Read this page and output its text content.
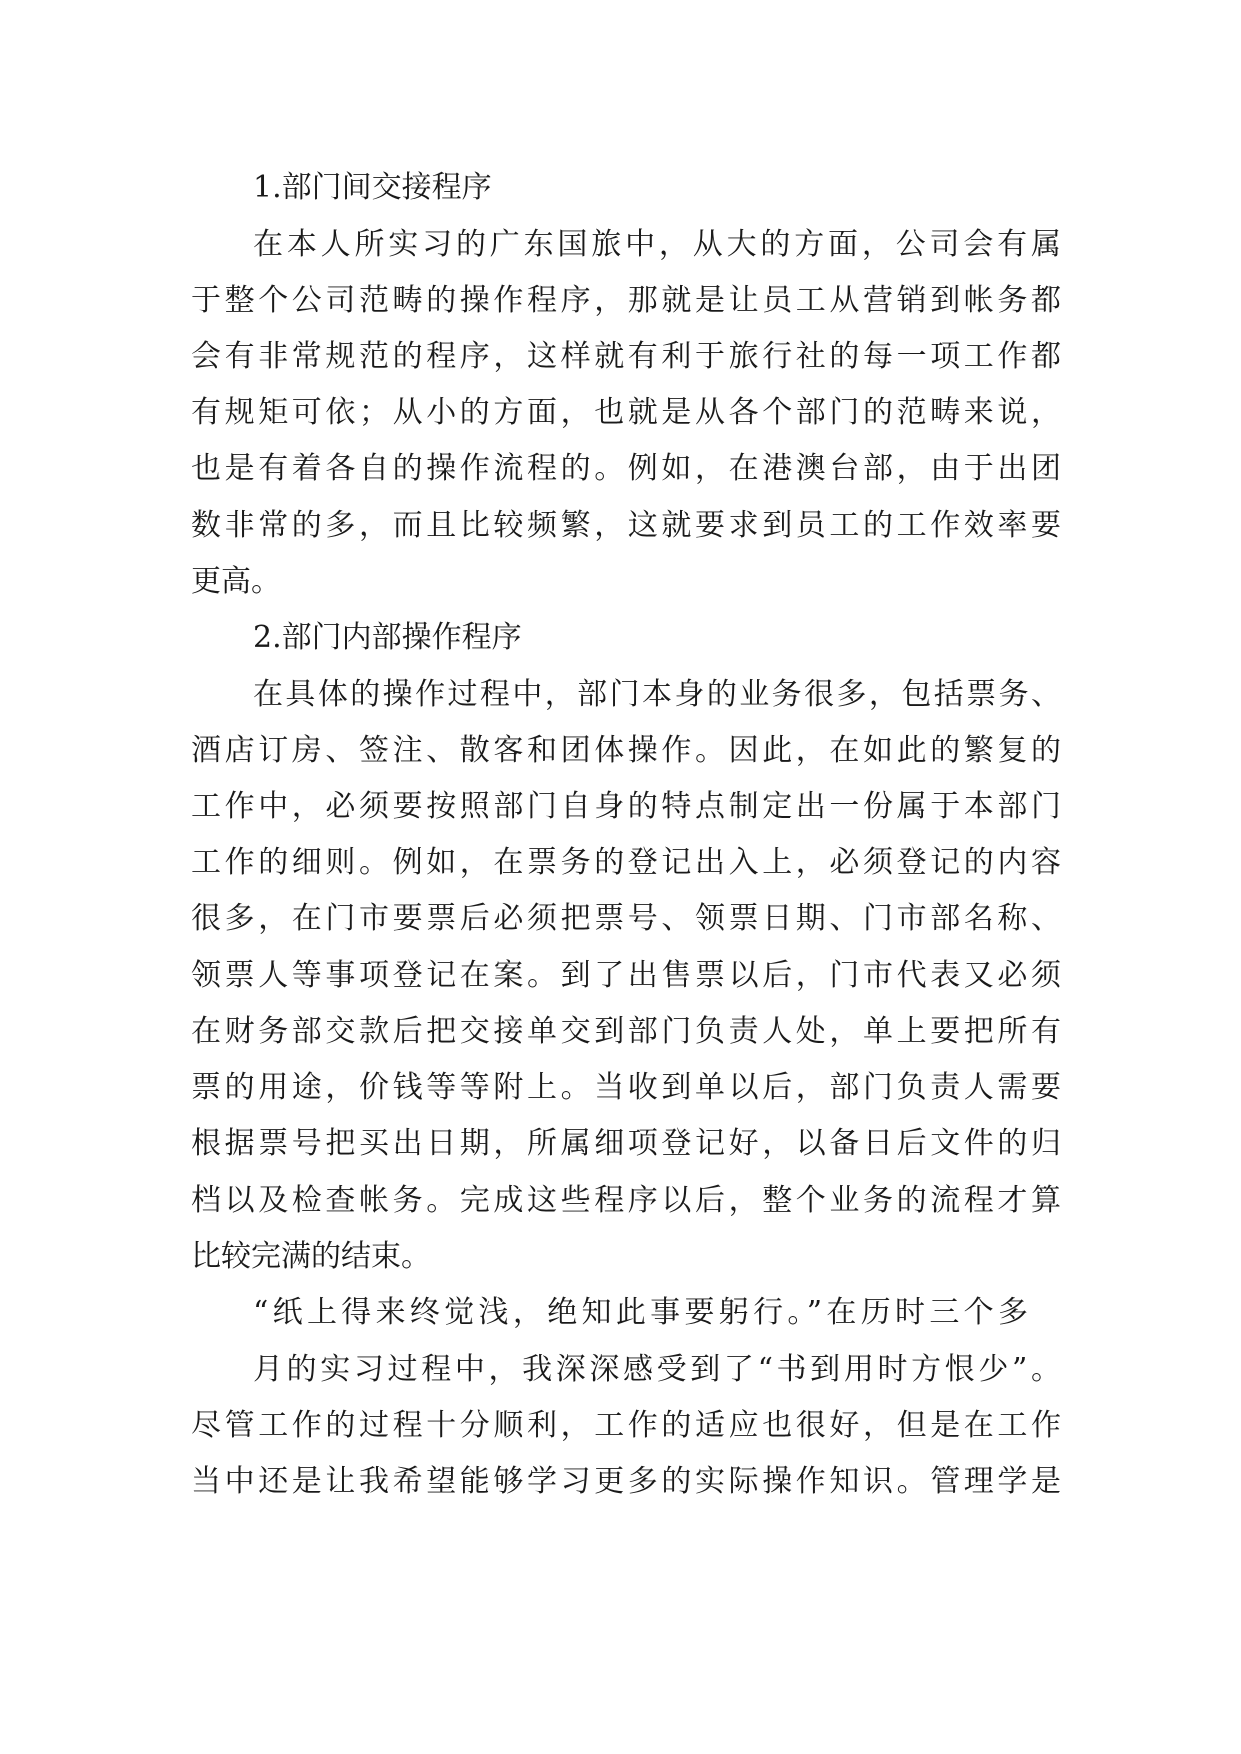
1.部门间交接程序
在本人所实习的广东国旅中，从大的方面，公司会有属
于整个公司范畴的操作程序，那就是让员工从营销到帐务都
会有非常规范的程序，这样就有利于旅行社的每一项工作都
有规矩可依；从小的方面，也就是从各个部门的范畴来说，
也是有着各自的操作流程的。例如，在港澳台部，由于出团
数非常的多，而且比较频繁，这就要求到员工的工作效率要
更高。
2.部门内部操作程序
在具体的操作过程中，部门本身的业务很多，包括票务、
酒店订房、签注、散客和团体操作。因此，在如此的繁复的
工作中，必须要按照部门自身的特点制定出一份属于本部门
工作的细则。例如，在票务的登记出入上，必须登记的内容
很多，在门市要票后必须把票号、领票日期、门市部名称、
领票人等事项登记在案。到了出售票以后，门市代表又必须
在财务部交款后把交接单交到部门负责人处，单上要把所有
票的用途，价钱等等附上。当收到单以后，部门负责人需要
根据票号把买出日期，所属细项登记好，以备日后文件的归
档以及检查帐务。完成这些程序以后，整个业务的流程才算
比较完满的结束。
“纸上得来终觉浅，绝知此事要躬行。”在历时三个多
月的实习过程中，我深深感受到了“书到用时方恨少”。
尽管工作的过程十分顺利，工作的适应也很好，但是在工作
当中还是让我希望能够学习更多的实际操作知识。管理学是
